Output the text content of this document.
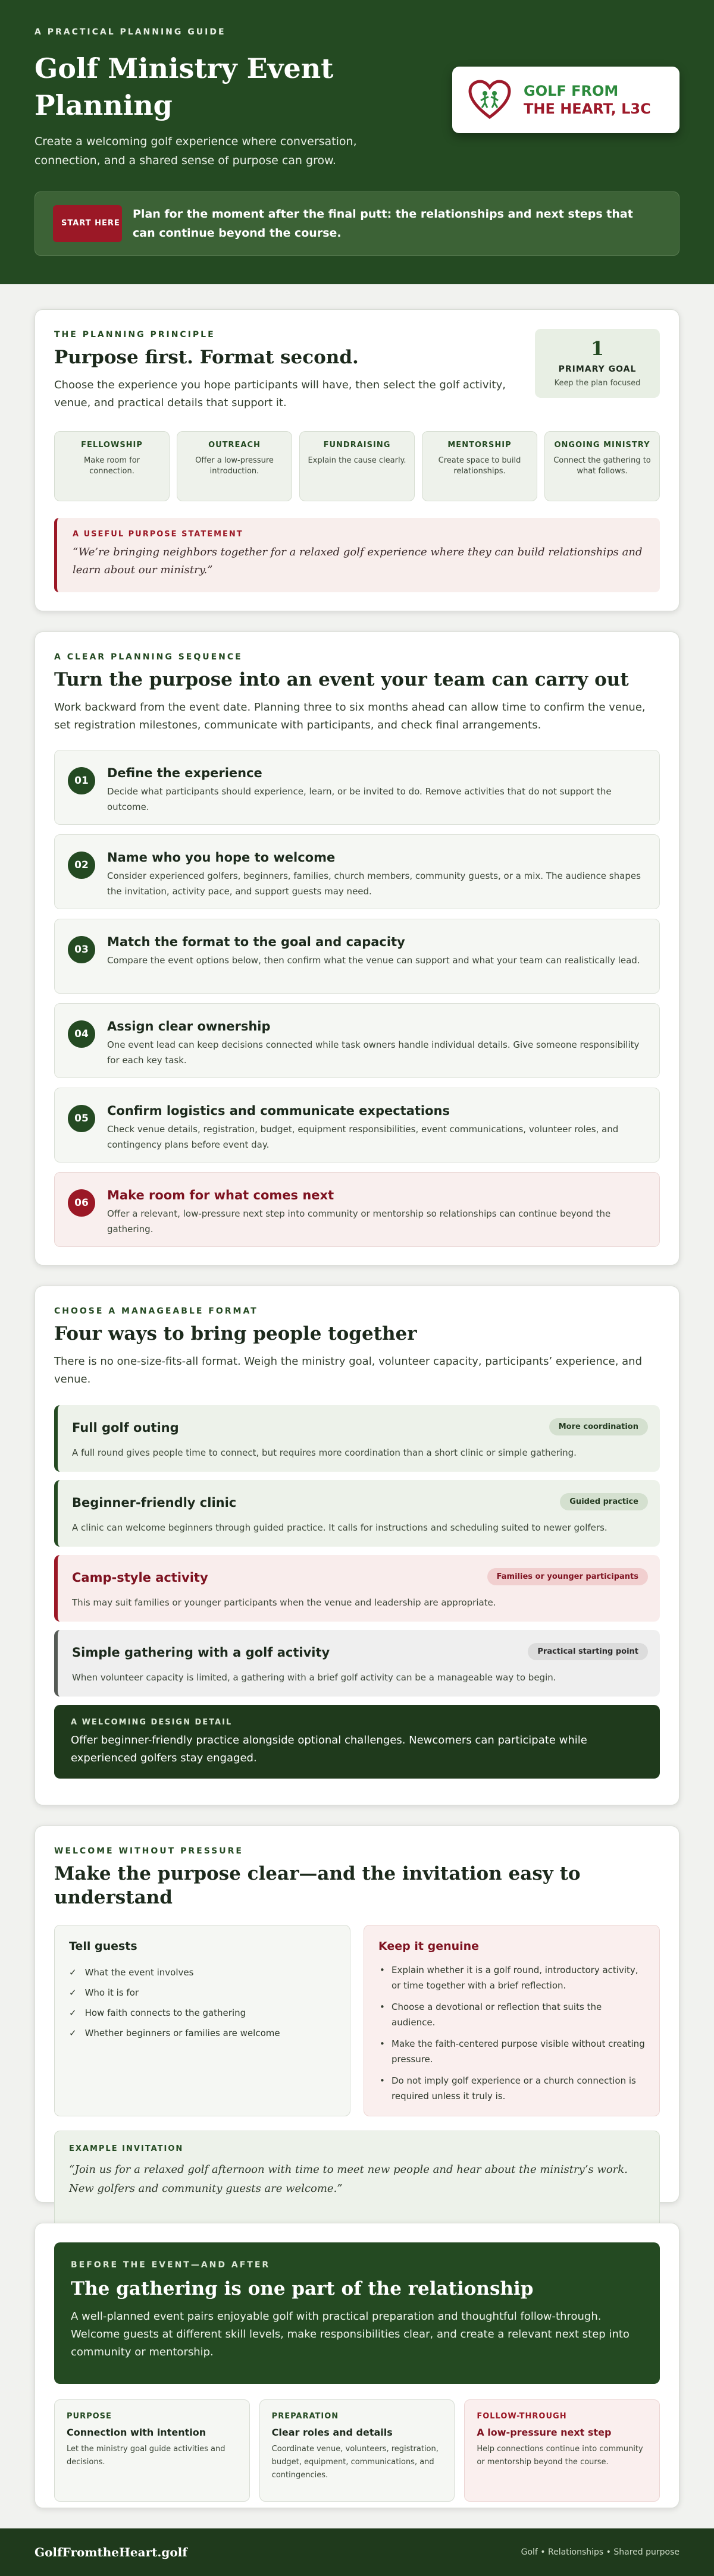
A PRACTICAL PLANNING GUIDE
Golf Ministry Event Planning

Create a welcoming golf experience where conversation, connection, and a shared sense of purpose can grow.

GOLF FROM
THE HEART, L3C
START HERE
Plan for the moment after the final putt: the relationships and next steps that can continue beyond the course.
THE PLANNING PRINCIPLE
Purpose first. Format second.

Choose the experience you hope participants will have, then select the golf activity, venue, and practical details that support it.

1
PRIMARY GOAL
Keep the plan focused
FELLOWSHIP
Make room for connection.
OUTREACH
Offer a low-pressure introduction.
FUNDRAISING
Explain the cause clearly.
MENTORSHIP
Create space to build relationships.
ONGOING MINISTRY
Connect the gathering to what follows.
A USEFUL PURPOSE STATEMENT
“We’re bringing neighbors together for a relaxed golf experience where they can build relationships and learn about our ministry.”
A CLEAR PLANNING SEQUENCE
Turn the purpose into an event your team can carry out

Work backward from the event date. Planning three to six months ahead can allow time to confirm the venue, set registration milestones, communicate with participants, and check final arrangements.

01
Define the experience
Decide what participants should experience, learn, or be invited to do. Remove activities that do not support the outcome.
02
Name who you hope to welcome
Consider experienced golfers, beginners, families, church members, community guests, or a mix. The audience shapes the invitation, activity pace, and support guests may need.
03
Match the format to the goal and capacity
Compare the event options below, then confirm what the venue can support and what your team can realistically lead.
04
Assign clear ownership
One event lead can keep decisions connected while task owners handle individual details. Give someone responsibility for each key task.
05
Confirm logistics and communicate expectations
Check venue details, registration, budget, equipment responsibilities, event communications, volunteer roles, and contingency plans before event day.
06
Make room for what comes next
Offer a relevant, low-pressure next step into community or mentorship so relationships can continue beyond the gathering.
CHOOSE A MANAGEABLE FORMAT
Four ways to bring people together

There is no one-size-fits-all format. Weigh the ministry goal, volunteer capacity, participants’ experience, and venue.

Full golf outing	More coordination
A full round gives people time to connect, but requires more coordination than a short clinic or simple gathering.
Beginner-friendly clinic	Guided practice
A clinic can welcome beginners through guided practice. It calls for instructions and scheduling suited to newer golfers.
Camp-style activity	Families or younger participants
This may suit families or younger participants when the venue and leadership are appropriate.
Simple gathering with a golf activity	Practical starting point
When volunteer capacity is limited, a gathering with a brief golf activity can be a manageable way to begin.
A WELCOMING DESIGN DETAIL
Offer beginner-friendly practice alongside optional challenges. Newcomers can participate while experienced golfers stay engaged.
WELCOME WITHOUT PRESSURE
Make the purpose clear—and the invitation easy to understand
Tell guests
✓ What the event involves
✓ Who it is for
✓ How faith connects to the gathering
✓ Whether beginners or families are welcome
Keep it genuine
• Explain whether it is a golf round, introductory activity, or time together with a brief reflection.
• Choose a devotional or reflection that suits the audience.
• Make the faith-centered purpose visible without creating pressure.
• Do not imply golf experience or a church connection is required unless it truly is.
EXAMPLE INVITATION
“Join us for a relaxed golf afternoon with time to meet new people and hear about the ministry’s work. New golfers and community guests are welcome.”
BEFORE THE EVENT—AND AFTER
The gathering is one part of the relationship
A well-planned event pairs enjoyable golf with practical preparation and thoughtful follow-through. Welcome guests at different skill levels, make responsibilities clear, and create a relevant next step into community or mentorship.
PURPOSE
Connection with intention
Let the ministry goal guide activities and decisions.
PREPARATION
Clear roles and details
Coordinate venue, volunteers, registration, budget, equipment, communications, and contingencies.
FOLLOW-THROUGH
A low-pressure next step
Help connections continue into community or mentorship beyond the course.
GolfFromtheHeart.golf	Golf • Relationships • Shared purpose
